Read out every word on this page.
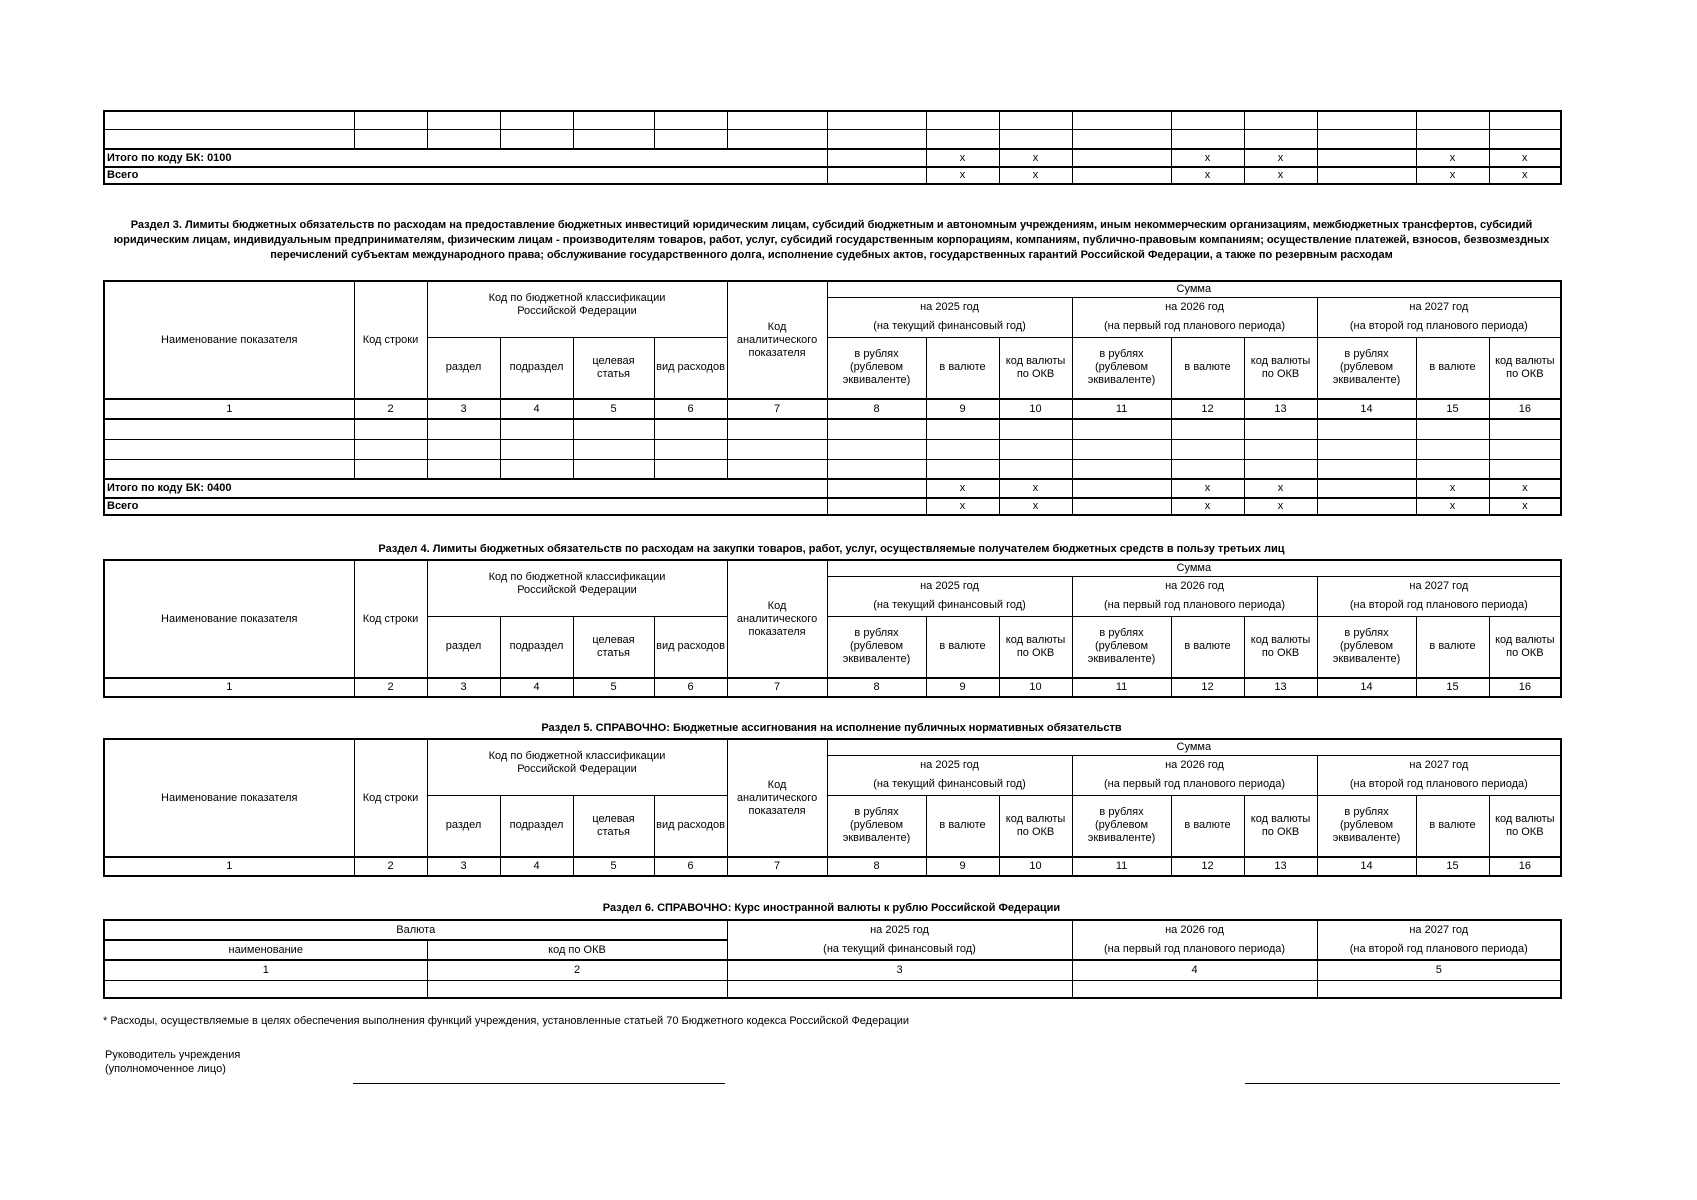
Итого по коду БК: 0100								x	x		x	x		x	x
Всего								x	x		x	x		x	x
Раздел 3. Лимиты бюджетных обязательств по расходам на предоставление бюджетных инвестиций юридическим лицам, субсидий бюджетным и автономным учреждениям, иным некоммерческим организациям, межбюджетных трансфертов, субсидий юридическим лицам, индивидуальным предпринимателям, физическим лицам - производителям товаров, работ, услуг, субсидий государственным корпорациям, компаниям, публично-правовым компаниям; осуществление платежей, взносов, безвозмездных перечислений субъектам международного права; обслуживание государственного долга, исполнение судебных актов, государственных гарантий Российской Федерации, а также по резервным расходам
Наименование показателя	Код строки	Код по бюджетной классификации Российской Федерации				Код аналитического показателя	Сумма								
							на 2025 год			на 2026 год			на 2027 год		
							(на текущий финансовый год)			(на первый год планового периода)			(на второй год планового периода)		
		раздел	подраздел	целевая статья	вид расходов		в рублях (рублевом эквиваленте)	в валюте	код валюты по ОКВ	в рублях (рублевом эквиваленте)	в валюте	код валюты по ОКВ	в рублях (рублевом эквиваленте)	в валюте	код валюты по ОКВ
1	2	3	4	5	6	7	8	9	10	11	12	13	14	15	16

Итого по коду БК: 0400								x	x		x	x		x	x
Всего								x	x		x	x		x	x
Раздел 4. Лимиты бюджетных обязательств по расходам на закупки товаров, работ, услуг, осуществляемые получателем бюджетных средств в пользу третьих лиц
Наименование показателя	Код строки	Код по бюджетной классификации Российской Федерации				Код аналитического показателя	Сумма								
							на 2025 год			на 2026 год			на 2027 год		
							(на текущий финансовый год)			(на первый год планового периода)			(на второй год планового периода)		
		раздел	подраздел	целевая статья	вид расходов		в рублях (рублевом эквиваленте)	в валюте	код валюты по ОКВ	в рублях (рублевом эквиваленте)	в валюте	код валюты по ОКВ	в рублях (рублевом эквиваленте)	в валюте	код валюты по ОКВ
1	2	3	4	5	6	7	8	9	10	11	12	13	14	15	16
Раздел 5. СПРАВОЧНО: Бюджетные ассигнования на исполнение публичных нормативных обязательств
Наименование показателя	Код строки	Код по бюджетной классификации Российской Федерации				Код аналитического показателя	Сумма								
							на 2025 год			на 2026 год			на 2027 год		
							(на текущий финансовый год)			(на первый год планового периода)			(на второй год планового периода)		
		раздел	подраздел	целевая статья	вид расходов		в рублях (рублевом эквиваленте)	в валюте	код валюты по ОКВ	в рублях (рублевом эквиваленте)	в валюте	код валюты по ОКВ	в рублях (рублевом эквиваленте)	в валюте	код валюты по ОКВ
1	2	3	4	5	6	7	8	9	10	11	12	13	14	15	16
Раздел 6. СПРАВОЧНО: Курс иностранной валюты к рублю Российской Федерации
Валюта		на 2025 год	на 2026 год	на 2027 год
наименование	код по ОКВ	(на текущий финансовый год)	(на первый год планового периода)	(на второй год планового периода)
1	2	3	4	5

* Расходы, осуществляемые в целях обеспечения выполнения функций учреждения, установленные статьей 70 Бюджетного кодекса Российской Федерации
Руководитель учреждения
(уполномоченное лицо)
